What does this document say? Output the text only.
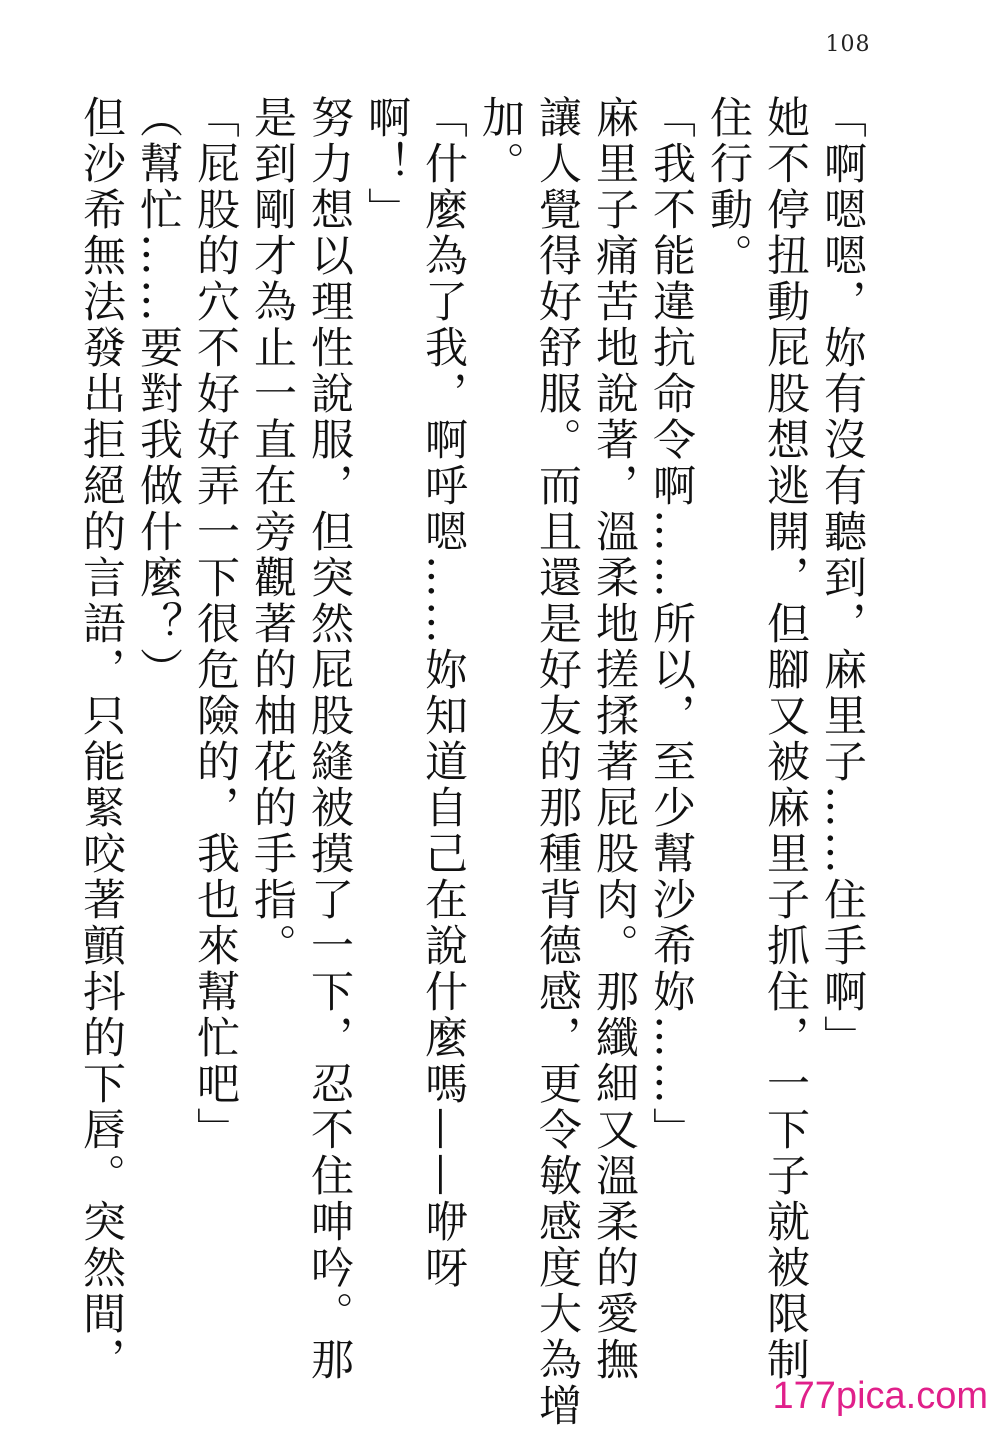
108
「啊嗯嗯，妳有沒有聽到，麻里子……住手啊」
她不停扭動屁股想逃開，但腳又被麻里子抓住，一下子就被限制
住行動。
「我不能違抗命令啊……所以，至少幫沙希妳……」
麻里子痛苦地說著，溫柔地搓揉著屁股肉。那纖細又溫柔的愛撫
讓人覺得好舒服。而且還是好友的那種背德感，更令敏感度大為增
加。
「什麼為了我，啊呼嗯……妳知道自己在說什麼嗎——咿呀
啊！」
努力想以理性說服，但突然屁股縫被摸了一下，忍不住呻吟。那
是到剛才為止一直在旁觀著的柚花的手指。
「屁股的穴不好好弄一下很危險的，我也來幫忙吧」
（幫忙……要對我做什麼？）
但沙希無法發出拒絕的言語，只能緊咬著顫抖的下唇。突然間，
177pica.com
